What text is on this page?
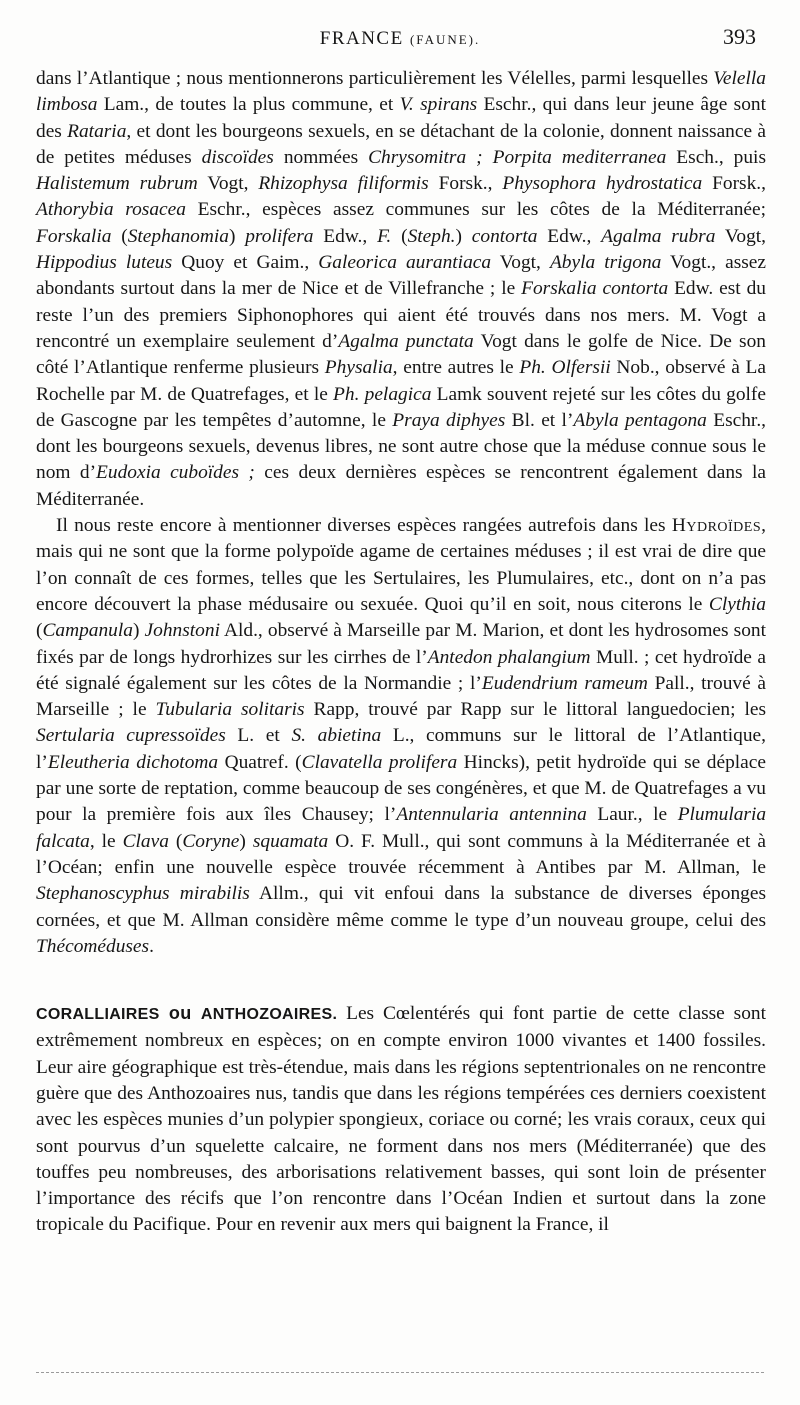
FRANCE (FAUNE).	393

dans l’Atlantique ; nous mentionnerons particulièrement les Vélelles, parmi lesquelles Velella limbosa Lam., de toutes la plus commune, et V. spirans Eschr., qui dans leur jeune âge sont des Rataria, et dont les bourgeons sexuels, en se détachant de la colonie, donnent naissance à de petites méduses discoïdes nommées Chrysomitra ; Porpita mediterranea Esch., puis Halistemum rubrum Vogt, Rhizophysa filiformis Forsk., Physophora hydrostatica Forsk., Athorybia rosacea Eschr., espèces assez communes sur les côtes de la Méditerranée; Forskalia (Stephanomia) prolifera Edw., F. (Steph.) contorta Edw., Agalma rubra Vogt, Hippodius luteus Quoy et Gaim., Galeorica aurantiaca Vogt, Abyla trigona Vogt., assez abondants surtout dans la mer de Nice et de Villefranche ; le Forskalia contorta Edw. est du reste l’un des premiers Siphonophores qui aient été trouvés dans nos mers. M. Vogt a rencontré un exemplaire seulement d’Agalma punctata Vogt dans le golfe de Nice. De son côté l’Atlantique renferme plusieurs Physalia, entre autres le Ph. Olfersii Nob., observé à La Rochelle par M. de Quatrefages, et le Ph. pelagica Lamk souvent rejeté sur les côtes du golfe de Gascogne par les tempêtes d’automne, le Praya diphyes Bl. et l’Abyla pentagona Eschr., dont les bourgeons sexuels, devenus libres, ne sont autre chose que la méduse connue sous le nom d’Eudoxia cuboïdes ; ces deux dernières espèces se rencontrent également dans la Méditerranée.

Il nous reste encore à mentionner diverses espèces rangées autrefois dans les Hydroïdes, mais qui ne sont que la forme polypoïde agame de certaines méduses ; il est vrai de dire que l’on connaît de ces formes, telles que les Sertulaires, les Plumulaires, etc., dont on n’a pas encore découvert la phase médusaire ou sexuée. Quoi qu’il en soit, nous citerons le Clythia (Campanula) Johnstoni Ald., observé à Marseille par M. Marion, et dont les hydrosomes sont fixés par de longs hydrorhizes sur les cirrhes de l’Antedon phalangium Mull. ; cet hydroïde a été signalé également sur les côtes de la Normandie ; l’Eudendrium rameum Pall., trouvé à Marseille ; le Tubularia solitaris Rapp, trouvé par Rapp sur le littoral languedocien; les Sertularia cupressoïdes L. et S. abietina L., communs sur le littoral de l’Atlantique, l’Eleutheria dichotoma Quatref. (Clavatella prolifera Hincks), petit hydroïde qui se déplace par une sorte de reptation, comme beaucoup de ses congénères, et que M. de Quatrefages a vu pour la première fois aux îles Chausey; l’Antennularia antennina Laur., le Plumularia falcata, le Clava (Coryne) squamata O. F. Mull., qui sont communs à la Méditerranée et à l’Océan; enfin une nouvelle espèce trouvée récemment à Antibes par M. Allman, le Stephanoscyphus mirabilis Allm., qui vit enfoui dans la substance de diverses éponges cornées, et que M. Allman considère même comme le type d’un nouveau groupe, celui des Thécoméduses.

CORALLIAIRES ou ANTHOZOAIRES. Les Cœlentérés qui font partie de cette classe sont extrêmement nombreux en espèces; on en compte environ 1000 vivantes et 1400 fossiles. Leur aire géographique est très-étendue, mais dans les régions septentrionales on ne rencontre guère que des Anthozoaires nus, tandis que dans les régions tempérées ces derniers coexistent avec les espèces munies d’un polypier spongieux, coriace ou corné; les vrais coraux, ceux qui sont pourvus d’un squelette calcaire, ne forment dans nos mers (Méditerranée) que des touffes peu nombreuses, des arborisations relativement basses, qui sont loin de présenter l’importance des récifs que l’on rencontre dans l’Océan Indien et surtout dans la zone tropicale du Pacifique. Pour en revenir aux mers qui baignent la France, il
